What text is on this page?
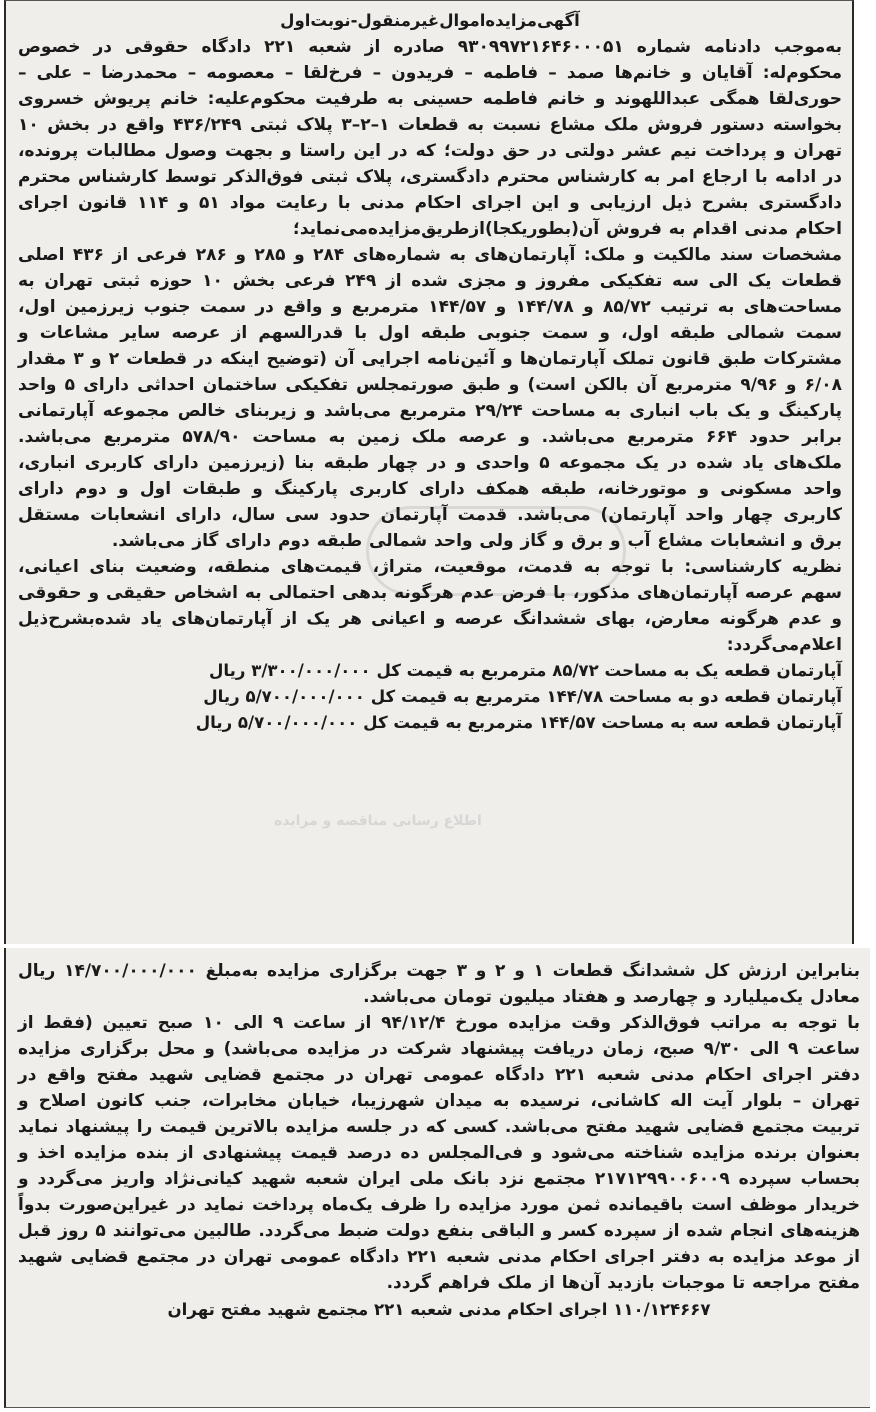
اطلاع رسانی مناقصه و مزایده
آگهی‌مزایده‌اموال‌غیرمنقول-نوبت‌اول

به‌موجب دادنامه شماره ۹۳۰۹۹۷۲۱۶۴۶۰۰۰۵۱ صادره از شعبه ۲۲۱ دادگاه حقوقی در خصوص محکوم‌له: آقایان و خانم‌ها صمد – فاطمه – فریدون – فرخ‌لقا – معصومه – محمدرضا – علی – حوری‌لقا همگی عبداللهوند و خانم فاطمه حسینی به طرفیت محکوم‌علیه: خانم پریوش خسروی بخواسته دستور فروش ملک مشاع نسبت به قطعات ۱–۲–۳ پلاک ثبتی ۴۳۶/۲۴۹ واقع در بخش ۱۰ تهران و پرداخت نیم عشر دولتی در حق دولت؛ که در این راستا و بجهت وصول مطالبات پرونده، در ادامه با ارجاع امر به کارشناس محترم دادگستری، پلاک ثبتی فوق‌الذکر توسط کارشناس محترم دادگستری بشرح ذیل ارزیابی و این اجرای احکام مدنی با رعایت مواد ۵۱ و ۱۱۴ قانون اجرای احکام مدنی اقدام به فروش آن(بطوریکجا)ازطریق‌مزایده‌می‌نماید؛

مشخصات سند مالکیت و ملک: آپارتمان‌های به شماره‌های ۲۸۴ و ۲۸۵ و ۲۸۶ فرعی از ۴۳۶ اصلی قطعات یک الی سه تفکیکی مفروز و مجزی شده از ۲۴۹ فرعی بخش ۱۰ حوزه ثبتی تهران به مساحت‌های به ترتیب ۸۵/۷۲ و ۱۴۴/۷۸ و ۱۴۴/۵۷ مترمربع و واقع در سمت جنوب زیرزمین اول، سمت شمالی طبقه اول، و سمت جنوبی طبقه اول با قدرالسهم از عرصه سایر مشاعات و مشترکات طبق قانون تملک آپارتمان‌ها و آئین‌نامه اجرایی آن (توضیح اینکه در قطعات ۲ و ۳ مقدار ۶/۰۸ و ۹/۹۶ مترمربع آن بالکن است) و طبق صورتمجلس تفکیکی ساختمان احداثی دارای ۵ واحد پارکینگ و یک باب انباری به مساحت ۲۹/۲۴ مترمربع می‌باشد و زیربنای خالص مجموعه آپارتمانی برابر حدود ۶۶۴ مترمربع می‌باشد. و عرصه ملک زمین به مساحت ۵۷۸/۹۰ مترمربع می‌باشد. ملک‌های یاد شده در یک مجموعه ۵ واحدی و در چهار طبقه بنا (زیرزمین دارای کاربری انباری، واحد مسکونی و موتورخانه، طبقه همکف دارای کاربری پارکینگ و طبقات اول و دوم دارای کاربری چهار واحد آپارتمان) می‌باشد. قدمت آپارتمان حدود سی سال، دارای انشعابات مستقل برق و انشعابات مشاع آب و برق و گاز ولی واحد شمالی طبقه دوم دارای گاز می‌باشد.

نظریه کارشناسی: با توجه به قدمت، موقعیت، متراژ، قیمت‌های منطقه، وضعیت بنای اعیانی، سهم عرصه آپارتمان‌های مذکور، با فرض عدم هرگونه بدهی احتمالی به اشخاص حقیقی و حقوقی و عدم هرگونه معارض، بهای ششدانگ عرصه و اعیانی هر یک از آپارتمان‌های یاد شده‌بشرح‌ذیل اعلام‌می‌گردد:

آپارتمان قطعه یک به مساحت ۸۵/۷۲ مترمربع به قیمت کل ۳/۳۰۰/۰۰۰/۰۰۰ ریال
آپارتمان قطعه دو به مساحت ۱۴۴/۷۸ مترمربع به قیمت کل ۵/۷۰۰/۰۰۰/۰۰۰ ریال
آپارتمان قطعه سه به مساحت ۱۴۴/۵۷ مترمربع به قیمت کل ۵/۷۰۰/۰۰۰/۰۰۰ ریال

بنابراین ارزش کل ششدانگ قطعات ۱ و ۲ و ۳ جهت برگزاری مزایده به‌مبلغ ۱۴/۷۰۰/۰۰۰/۰۰۰ ریال معادل یک‌میلیارد و چهارصد و هفتاد میلیون تومان می‌باشد.

با توجه به مراتب فوق‌الذکر وقت مزایده مورخ ۹۴/۱۲/۴ از ساعت ۹ الی ۱۰ صبح تعیین (فقط از ساعت ۹ الی ۹/۳۰ صبح، زمان دریافت پیشنهاد شرکت در مزایده می‌باشد) و محل برگزاری مزایده دفتر اجرای احکام مدنی شعبه ۲۲۱ دادگاه عمومی تهران در مجتمع قضایی شهید مفتح واقع در تهران – بلوار آیت اله کاشانی، نرسیده به میدان شهرزیبا، خیابان مخابرات، جنب کانون اصلاح و تربیت مجتمع قضایی شهید مفتح می‌باشد. کسی که در جلسه مزایده بالاترین قیمت را پیشنهاد نماید بعنوان برنده مزایده شناخته می‌شود و فی‌المجلس ده درصد قیمت پیشنهادی از بنده مزایده اخذ و بحساب سپرده ۲۱۷۱۲۹۹۰۰۶۰۰۹ مجتمع نزد بانک ملی ایران شعبه شهید کیانی‌نژاد واریز می‌گردد و خریدار موظف است باقیمانده ثمن مورد مزایده را ظرف یک‌ماه پرداخت نماید در غیراین‌صورت بدواً هزینه‌های انجام شده از سپرده کسر و الباقی بنفع دولت ضبط می‌گردد. طالبین می‌توانند ۵ روز قبل از موعد مزایده به دفتر اجرای احکام مدنی شعبه ۲۲۱ دادگاه عمومی تهران در مجتمع قضایی شهید مفتح مراجعه تا موجبات بازدید آن‌ها از ملک فراهم گردد.

۱۱۰/۱۲۴۶۶۷ اجرای احکام مدنی شعبه ۲۲۱ مجتمع شهید مفتح تهران
